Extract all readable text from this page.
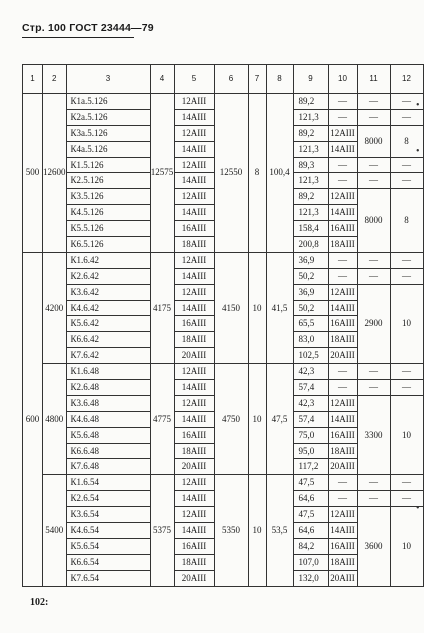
Стр. 100 ГОСТ 23444—79
1	2	3	4	5	6	7	8	9	10	11	12
500	12600	К1а.5.126	12575	12АIII	12550	8	100,4	89,2	—	—	—
		К2а.5.126		14АIII				121,3	—	—	—
		К3а.5.126		12АIII				89,2	12АIII	8000	8
		К4а.5.126		14АIII				121,3	14АIII		
		К1.5.126		12АIII				89,3	—	—	—
		К2.5.126		14АIII				121,3	—	—	—
		К3.5.126		12АIII				89,2	12АIII	8000	8
		К4.5.126		14АIII				121,3	14АIII		
		К5.5.126		16АIII				158,4	16АIII		
		К6.5.126		18АIII				200,8	18АIII		
600	4200	К1.6.42	4175	12АIII	4150	10	41,5	36,9	—	—	—
		К2.6.42		14АIII				50,2	—	—	—
		К3.6.42		12АIII				36,9	12АIII	2900	10
		К4.6.42		14АIII				50,2	14АIII		
		К5.6.42		16АIII				65,5	16АIII		
		К6.6.42		18АIII				83,0	18АIII		
		К7.6.42		20АIII				102,5	20АIII		
	4800	К1.6.48	4775	12АIII	4750	10	47,5	42,3	—	—	—
		К2.6.48		14АIII				57,4	—	—	—
		К3.6.48		12АIII				42,3	12АIII	3300	10
		К4.6.48		14АIII				57,4	14АIII		
		К5.6.48		16АIII				75,0	16АIII		
		К6.6.48		18АIII				95,0	18АIII		
		К7.6.48		20АIII				117,2	20АIII		
	5400	К1.6.54	5375	12АIII	5350	10	53,5	47,5	—	—	—
		К2.6.54		14АIII				64,6	—	—	—
		К3.6.54		12АIII				47,5	12АIII	3600	10
		К4.6.54		14АIII				64,6	14АIII		
		К5.6.54		16АIII				84,2	16АIII		
		К6.6.54		18АIII				107,0	18АIII		
		К7.6.54		20АIII				132,0	20АIII		
102:
•
•
•
